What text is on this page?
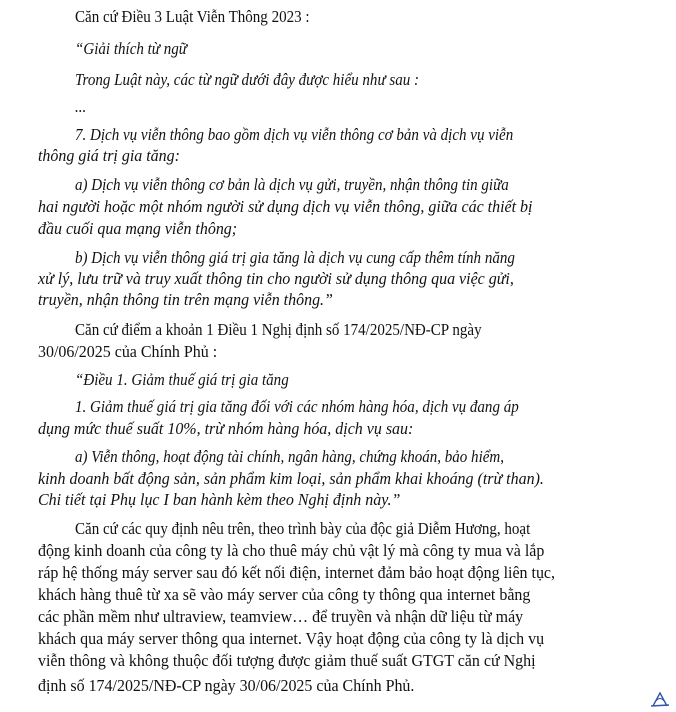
Căn cứ Điều 3 Luật Viễn Thông 2023 :
“Giải thích từ ngữ
Trong Luật này, các từ ngữ dưới đây được hiểu như sau :
...
7. Dịch vụ viễn thông bao gồm dịch vụ viễn thông cơ bản và dịch vụ viễn
thông giá trị gia tăng:
a) Dịch vụ viễn thông cơ bản là dịch vụ gửi, truyền, nhận thông tin giữa
hai người hoặc một nhóm người sử dụng dịch vụ viễn thông, giữa các thiết bị
đầu cuối qua mạng viễn thông;
b) Dịch vụ viễn thông giá trị gia tăng là dịch vụ cung cấp thêm tính năng
xử lý, lưu trữ và truy xuất thông tin cho người sử dụng thông qua việc gửi,
truyền, nhận thông tin trên mạng viễn thông.”
Căn cứ điểm a khoản 1 Điều 1 Nghị định số 174/2025/NĐ-CP ngày
30/06/2025 của Chính Phủ :
“Điều 1. Giảm thuế giá trị gia tăng
1. Giảm thuế giá trị gia tăng đối với các nhóm hàng hóa, dịch vụ đang áp
dụng mức thuế suất 10%, trừ nhóm hàng hóa, dịch vụ sau:
a) Viễn thông, hoạt động tài chính, ngân hàng, chứng khoán, bảo hiểm,
kinh doanh bất động sản, sản phẩm kim loại, sản phẩm khai khoáng (trừ than).
Chi tiết tại Phụ lục I ban hành kèm theo Nghị định này.”
Căn cứ các quy định nêu trên, theo trình bày của độc giả Diễm Hương, hoạt
động kinh doanh của công ty là cho thuê máy chủ vật lý mà công ty mua và lắp
ráp hệ thống máy server sau đó kết nối điện, internet đảm bảo hoạt động liên tục,
khách hàng thuê từ xa sẽ vào máy server của công ty thông qua internet bằng
các phần mềm như ultraview, teamview… để truyền và nhận dữ liệu từ máy
khách qua máy server thông qua internet. Vậy hoạt động của công ty là dịch vụ
viễn thông và không thuộc đối tượng được giảm thuế suất GTGT căn cứ Nghị
định số 174/2025/NĐ-CP ngày 30/06/2025 của Chính Phủ.
